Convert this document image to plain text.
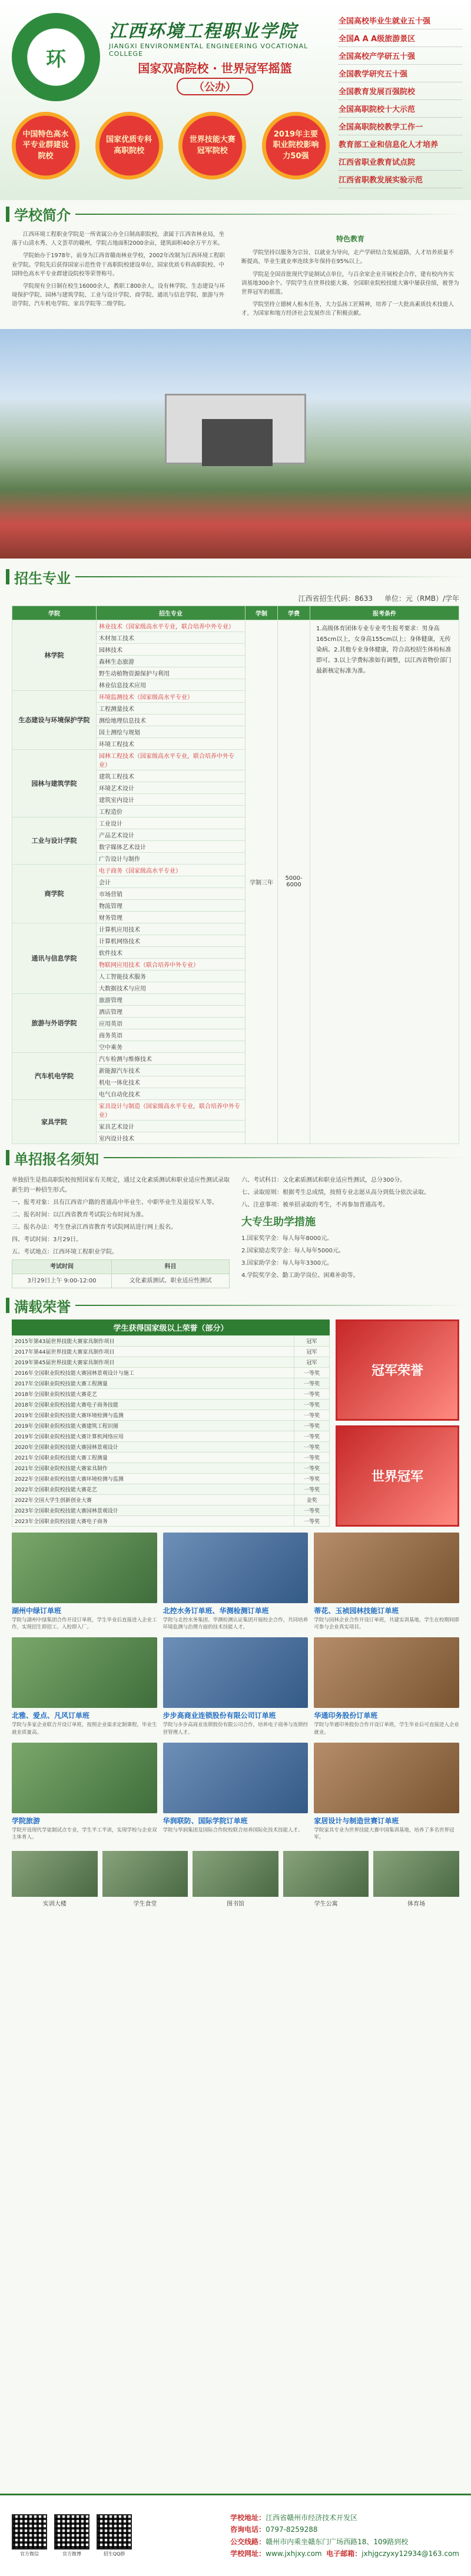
环
江西环境工程职业学院
JIANGXI ENVIRONMENTAL ENGINEERING VOCATIONAL COLLEGE
国家双高院校 · 世界冠军摇篮
（公办）
中国特色高水平专业群建设院校
国家优质专科高职院校
世界技能大赛冠军院校
2019年主要职业院校影响力50强
全国高校毕业生就业五十强
全国A A A级旅游景区
全国高校产学研五十强
全国教学研究五十强
全国教育发展百强院校
全国高职院校十大示范
全国高职院校教学工作一
教育部工业和信息化人才培养
江西省职业教育试点院
江西省职教发展实验示范
学校简介

江西环境工程职业学院是一所省属公办全日制高职院校，隶属于江西省林业局，坐落于山清水秀、人文荟萃的赣州，学院占地面积2000余亩，建筑面积40余万平方米。

学院始办于1978年，前身为江西省赣南林业学校，2002年改制为江西环境工程职业学院。学院先后获得国家示范性骨干高职院校建设单位、国家优质专科高职院校、中国特色高水平专业群建设院校等荣誉称号。

学院现有全日制在校生16000余人，教职工800余人，设有林学院、生态建设与环境保护学院、园林与建筑学院、工业与设计学院、商学院、通讯与信息学院、旅游与外语学院、汽车机电学院、家具学院等二级学院。

特色教育

学院坚持以服务为宗旨、以就业为导向，走产学研结合发展道路，人才培养质量不断提高，毕业生就业率连续多年保持在95%以上。

学院是全国首批现代学徒制试点单位，与百余家企业开展校企合作，建有校内外实训基地300余个。学院学生在世界技能大赛、全国职业院校技能大赛中屡获佳绩，被誉为世界冠军的摇篮。

学院坚持立德树人根本任务，大力弘扬工匠精神，培养了一大批高素质技术技能人才，为国家和地方经济社会发展作出了积极贡献。

招生专业
江西省招生代码：8633 单位：元（RMB）/学年
学院	招生专业	学制	学费	报考条件
林学院	林业技术（国家级高水平专业，联合培养中外专业）	学制三年	5000-6000	1.高级体育团体专业专业考生报考要求：男身高165cm以上，女身高155cm以上；身体健康，无传染病。2.其他专业身体健康，符合高校招生体检标准即可。3.以上学费标准如有调整，以江西省物价部门最新核定标准为准。
	木材加工技术			
	园林技术			
	森林生态旅游			
	野生动植物资源保护与利用			
	林业信息技术应用			
生态建设与环境保护学院	环境监测技术（国家级高水平专业）			
	工程测量技术			
	测绘地理信息技术			
	国土测绘与规划			
	环境工程技术			
园林与建筑学院	园林工程技术（国家级高水平专业，联合培养中外专业）			
	建筑工程技术			
	环境艺术设计			
	建筑室内设计			
	工程造价			
工业与设计学院	工业设计			
	产品艺术设计			
	数字媒体艺术设计			
	广告设计与制作			
商学院	电子商务（国家级高水平专业）			
	会计			
	市场营销			
	物流管理			
	财务管理			
通讯与信息学院	计算机应用技术			
	计算机网络技术			
	软件技术			
	物联网应用技术（联合培养中外专业）			
	人工智能技术服务			
	大数据技术与应用			
旅游与外语学院	旅游管理			
	酒店管理			
	应用英语			
	商务英语			
	空中乘务			
汽车机电学院	汽车检测与维修技术			
	新能源汽车技术			
	机电一体化技术			
	电气自动化技术			
家具学院	家具设计与制造（国家级高水平专业，联合培养中外专业）			
	家具艺术设计			
	室内设计技术			
单招报名须知

单独招生是指高职院校按照国家有关规定，通过文化素质测试和职业适应性测试录取新生的一种招生形式。

一、报考对象：具有江西省户籍的普通高中毕业生、中职毕业生及退役军人等。

二、报名时间：以江西省教育考试院公布时间为准。

三、报名办法：考生登录江西省教育考试院网站进行网上报名。

四、考试时间：3月29日。

五、考试地点：江西环境工程职业学院。

考试时间	科目
3月29日上午 9:00-12:00	文化素质测试、职业适应性测试

六、考试科目：文化素质测试和职业适应性测试，总分300分。

七、录取原则：根据考生总成绩，按照专业志愿从高分到低分依次录取。

八、注意事项：被单招录取的考生，不再参加普通高考。

大专生助学措施

1.国家奖学金：每人每年8000元。

2.国家励志奖学金：每人每年5000元。

3.国家助学金：每人每年3300元。

4.学院奖学金、勤工助学岗位、困难补助等。

满载荣誉
学生获得国家级以上荣誉（部分）
2015年第43届世界技能大赛家具制作项目	冠军
2017年第44届世界技能大赛家具制作项目	冠军
2019年第45届世界技能大赛家具制作项目	冠军
2016年全国职业院校技能大赛园林景观设计与施工	一等奖
2017年全国职业院校技能大赛工程测量	一等奖
2018年全国职业院校技能大赛花艺	一等奖
2018年全国职业院校技能大赛电子商务技能	一等奖
2019年全国职业院校技能大赛环境检测与监测	一等奖
2019年全国职业院校技能大赛建筑工程识图	一等奖
2019年全国职业院校技能大赛计算机网络应用	一等奖
2020年全国职业院校技能大赛园林景观设计	一等奖
2021年全国职业院校技能大赛工程测量	一等奖
2021年全国职业院校技能大赛家具制作	一等奖
2022年全国职业院校技能大赛环境检测与监测	一等奖
2022年全国职业院校技能大赛花艺	一等奖
2022年全国大学生创新创业大赛	金奖
2023年全国职业院校技能大赛园林景观设计	一等奖
2023年全国职业院校技能大赛电子商务	一等奖
冠军荣誉
世界冠军
湖州中绿订单班

学院与湖州中绿集团合作开设订单班，学生毕业后直接进入企业工作，实现招生即招工、入校即入厂。

北控水务订单班、华测检测订单班

学院与北控水务集团、华测检测认证集团开展校企合作，共同培养环境监测与治理方面的技术技能人才。

蒂花、玉祯园林技能订单班

学院与园林企业合作开设订单班，共建实训基地，学生在校期间即可参与企业真实项目。

北雅、爱点、凡风订单班

学院与多家企业联合开设订单班，按照企业需求定制课程，毕业生就业质量高。

步步高商业连锁股份有限公司订单班

学院与步步高商业连锁股份有限公司合作，培养电子商务与连锁经营管理人才。

华通印务股份订单班

学院与华通印务股份合作开设订单班，学生毕业后可直接进入企业就业。

学院旅游

学院开设现代学徒制试点专业，学生半工半读，实现学校与企业双主体育人。

华润联防、国际学院订单班

学院与华润集团及国际合作院校联合培养国际化技术技能人才。

家居设计与制造世赛订单班

学院家具专业为世界技能大赛中国集训基地，培养了多名世界冠军。

实训大楼	学生食堂	图书馆	学生公寓	体育场
官方微信	官方微博	招生QQ群
学校地址：江西省赣州市经济技术开发区
咨询电话：0797-8259288
公交线路：赣州市内乘坐赣东门广场西路18、109路到校
学校网址：www.jxhjxy.com 电子邮箱：jxhjgczyxy12934@163.com
